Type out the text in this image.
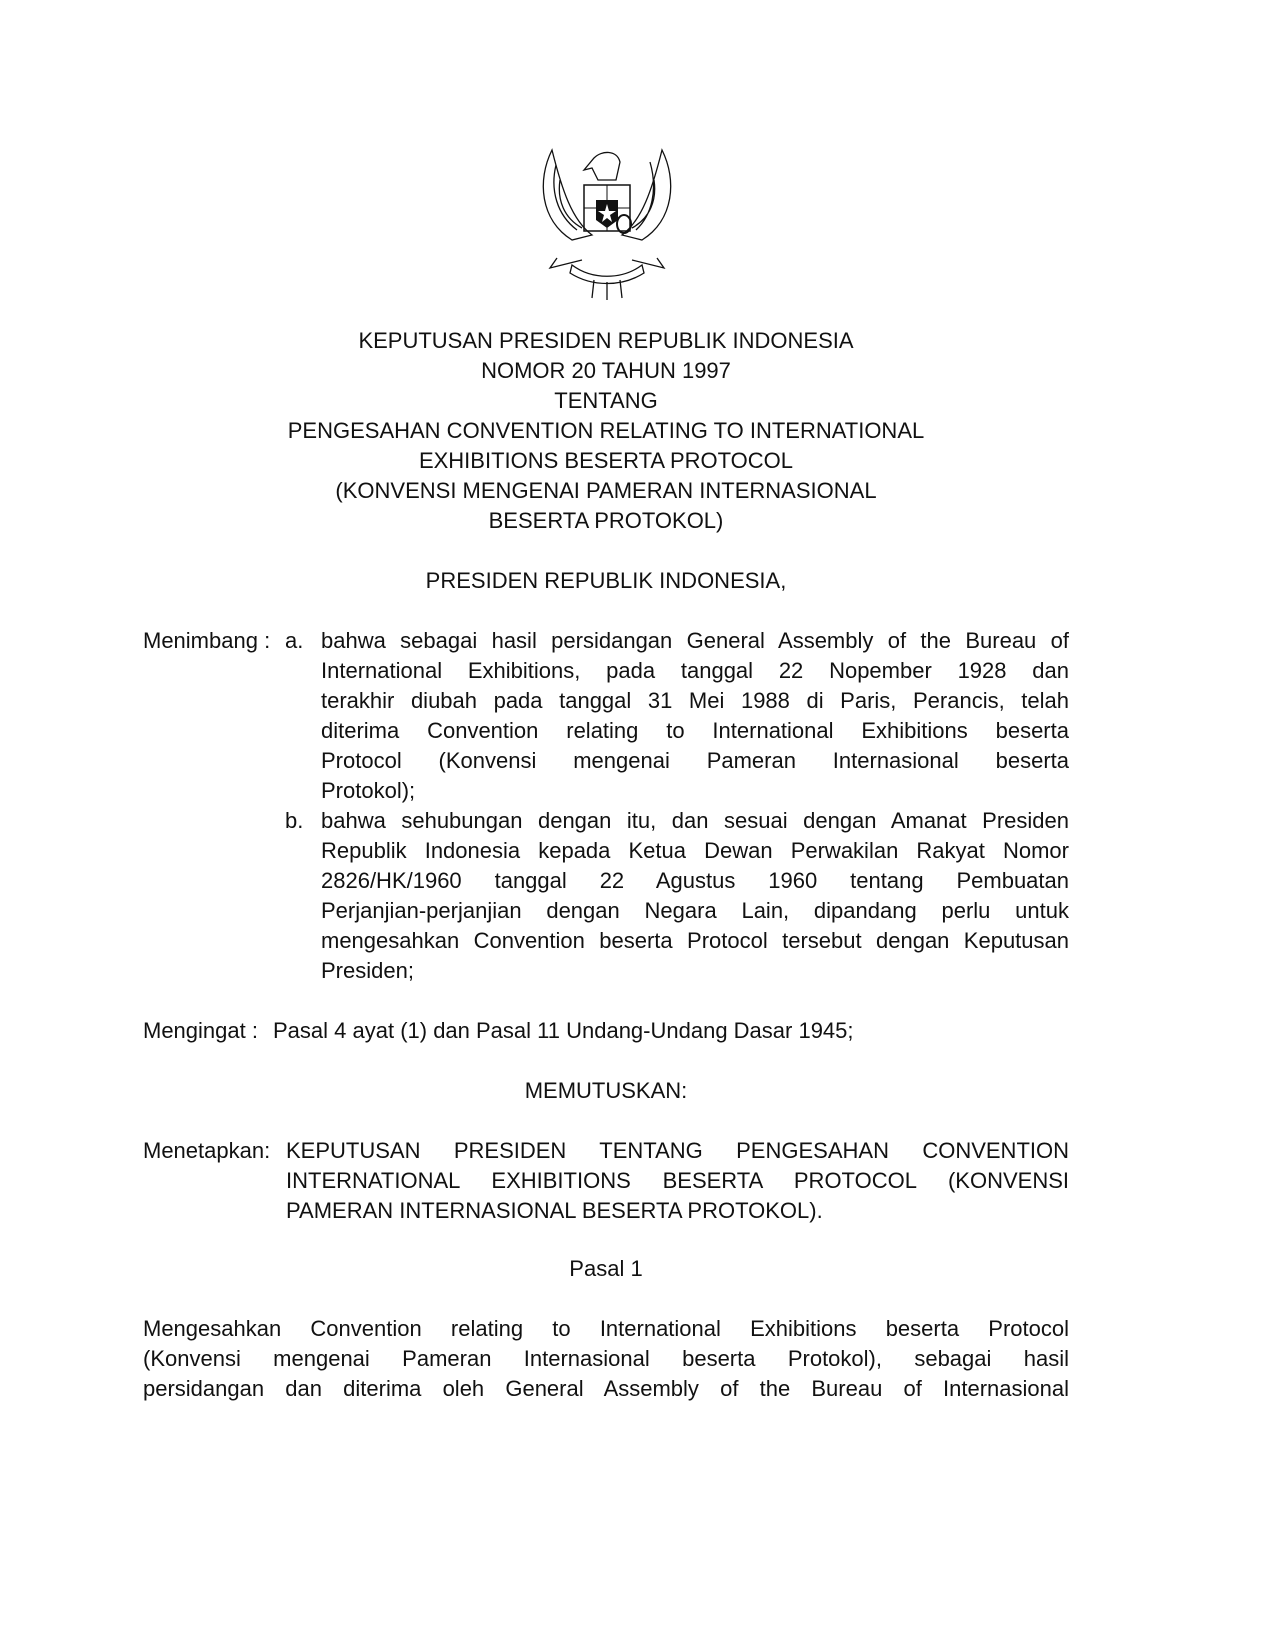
KEPUTUSAN PRESIDEN REPUBLIK INDONESIA
NOMOR 20 TAHUN 1997
TENTANG
PENGESAHAN CONVENTION RELATING TO INTERNATIONAL
EXHIBITIONS BESERTA PROTOCOL
(KONVENSI MENGENAI PAMERAN INTERNASIONAL
BESERTA PROTOKOL)
PRESIDEN REPUBLIK INDONESIA,
Menimbang : a. bahwa sebagai hasil persidangan General Assembly of the Bureau of
International Exhibitions, pada tanggal 22 Nopember 1928 dan
terakhir diubah pada tanggal 31 Mei 1988 di Paris, Perancis, telah
diterima Convention relating to International Exhibitions beserta
Protocol (Konvensi mengenai Pameran Internasional beserta
Protokol);
b. bahwa sehubungan dengan itu, dan sesuai dengan Amanat Presiden
Republik Indonesia kepada Ketua Dewan Perwakilan Rakyat Nomor
2826/HK/1960 tanggal 22 Agustus 1960 tentang Pembuatan
Perjanjian-perjanjian dengan Negara Lain, dipandang perlu untuk
mengesahkan Convention beserta Protocol tersebut dengan Keputusan
Presiden;
Mengingat : Pasal 4 ayat (1) dan Pasal 11 Undang-Undang Dasar 1945;
MEMUTUSKAN:
Menetapkan: KEPUTUSAN PRESIDEN TENTANG PENGESAHAN CONVENTION
INTERNATIONAL EXHIBITIONS BESERTA PROTOCOL (KONVENSI
PAMERAN INTERNASIONAL BESERTA PROTOKOL).
Pasal 1
Mengesahkan Convention relating to International Exhibitions beserta Protocol
(Konvensi mengenai Pameran Internasional beserta Protokol), sebagai hasil
persidangan dan diterima oleh General Assembly of the Bureau of Internasional
